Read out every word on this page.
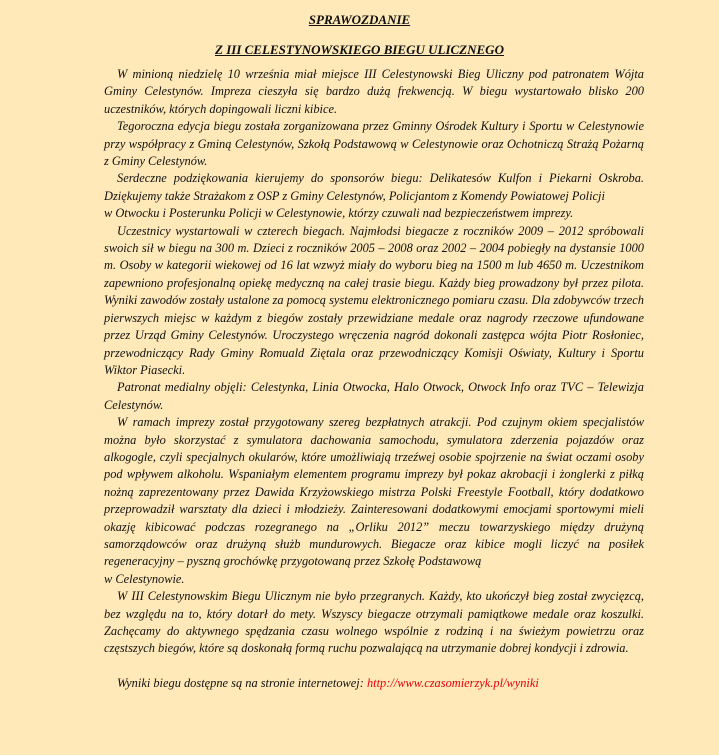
SPRAWOZDANIE
Z III CELESTYNOWSKIEGO BIEGU ULICZNEGO

W minioną niedzielę 10 września miał miejsce III Celestynowski Bieg Uliczny pod patronatem Wójta Gminy Celestynów. Impreza cieszyła się bardzo dużą frekwencją. W biegu wystartowało blisko 200 uczestników, których dopingowali liczni kibice.

Tegoroczna edycja biegu została zorganizowana przez Gminny Ośrodek Kultury i Sportu w Celestynowie przy współpracy z Gminą Celestynów, Szkołą Podstawową w Celestynowie oraz Ochotniczą Strażą Pożarną z Gminy Celestynów.

Serdeczne podziękowania kierujemy do sponsorów biegu: Delikatesów Kulfon i Piekarni Oskroba. Dziękujemy także Strażakom z OSP z Gminy Celestynów, Policjantom z Komendy Powiatowej Policji

w Otwocku i Posterunku Policji w Celestynowie, którzy czuwali nad bezpieczeństwem imprezy.

Uczestnicy wystartowali w czterech biegach. Najmłodsi biegacze z roczników 2009 – 2012 spróbowali swoich sił w biegu na 300 m. Dzieci z roczników 2005 – 2008 oraz 2002 – 2004 pobiegły na dystansie 1000 m. Osoby w kategorii wiekowej od 16 lat wzwyż miały do wyboru bieg na 1500 m lub 4650 m. Uczestnikom zapewniono profesjonalną opiekę medyczną na całej trasie biegu. Każdy bieg prowadzony był przez pilota. Wyniki zawodów zostały ustalone za pomocą systemu elektronicznego pomiaru czasu. Dla zdobywców trzech pierwszych miejsc w każdym z biegów zostały przewidziane medale oraz nagrody rzeczowe ufundowane przez Urząd Gminy Celestynów. Uroczystego wręczenia nagród dokonali zastępca wójta Piotr Rosłoniec, przewodniczący Rady Gminy Romuald Ziętala oraz przewodniczący Komisji Oświaty, Kultury i Sportu Wiktor Piasecki.

Patronat medialny objęli: Celestynka, Linia Otwocka, Halo Otwock, Otwock Info oraz TVC – Telewizja Celestynów.

W ramach imprezy został przygotowany szereg bezpłatnych atrakcji. Pod czujnym okiem specjalistów można było skorzystać z symulatora dachowania samochodu, symulatora zderzenia pojazdów oraz alkogogle, czyli specjalnych okularów, które umożliwiają trzeźwej osobie spojrzenie na świat oczami osoby pod wpływem alkoholu. Wspaniałym elementem programu imprezy był pokaz akrobacji i żonglerki z piłką nożną zaprezentowany przez Dawida Krzyżowskiego mistrza Polski Freestyle Football, który dodatkowo przeprowadził warsztaty dla dzieci i młodzieży. Zainteresowani dodatkowymi emocjami sportowymi mieli okazję kibicować podczas rozegranego na „Orliku 2012” meczu towarzyskiego między drużyną samorządowców oraz drużyną służb mundurowych. Biegacze oraz kibice mogli liczyć na posiłek regeneracyjny – pyszną grochówkę przygotowaną przez Szkołę Podstawową

w Celestynowie.

W III Celestynowskim Biegu Ulicznym nie było przegranych. Każdy, kto ukończył bieg został zwycięzcą, bez względu na to, który dotarł do mety. Wszyscy biegacze otrzymali pamiątkowe medale oraz koszulki. Zachęcamy do aktywnego spędzania czasu wolnego wspólnie z rodziną i na świeżym powietrzu oraz częstszych biegów, które są doskonałą formą ruchu pozwalającą na utrzymanie dobrej kondycji i zdrowia.

Wyniki biegu dostępne są na stronie internetowej: http://www.czasomierzyk.pl/wyniki
